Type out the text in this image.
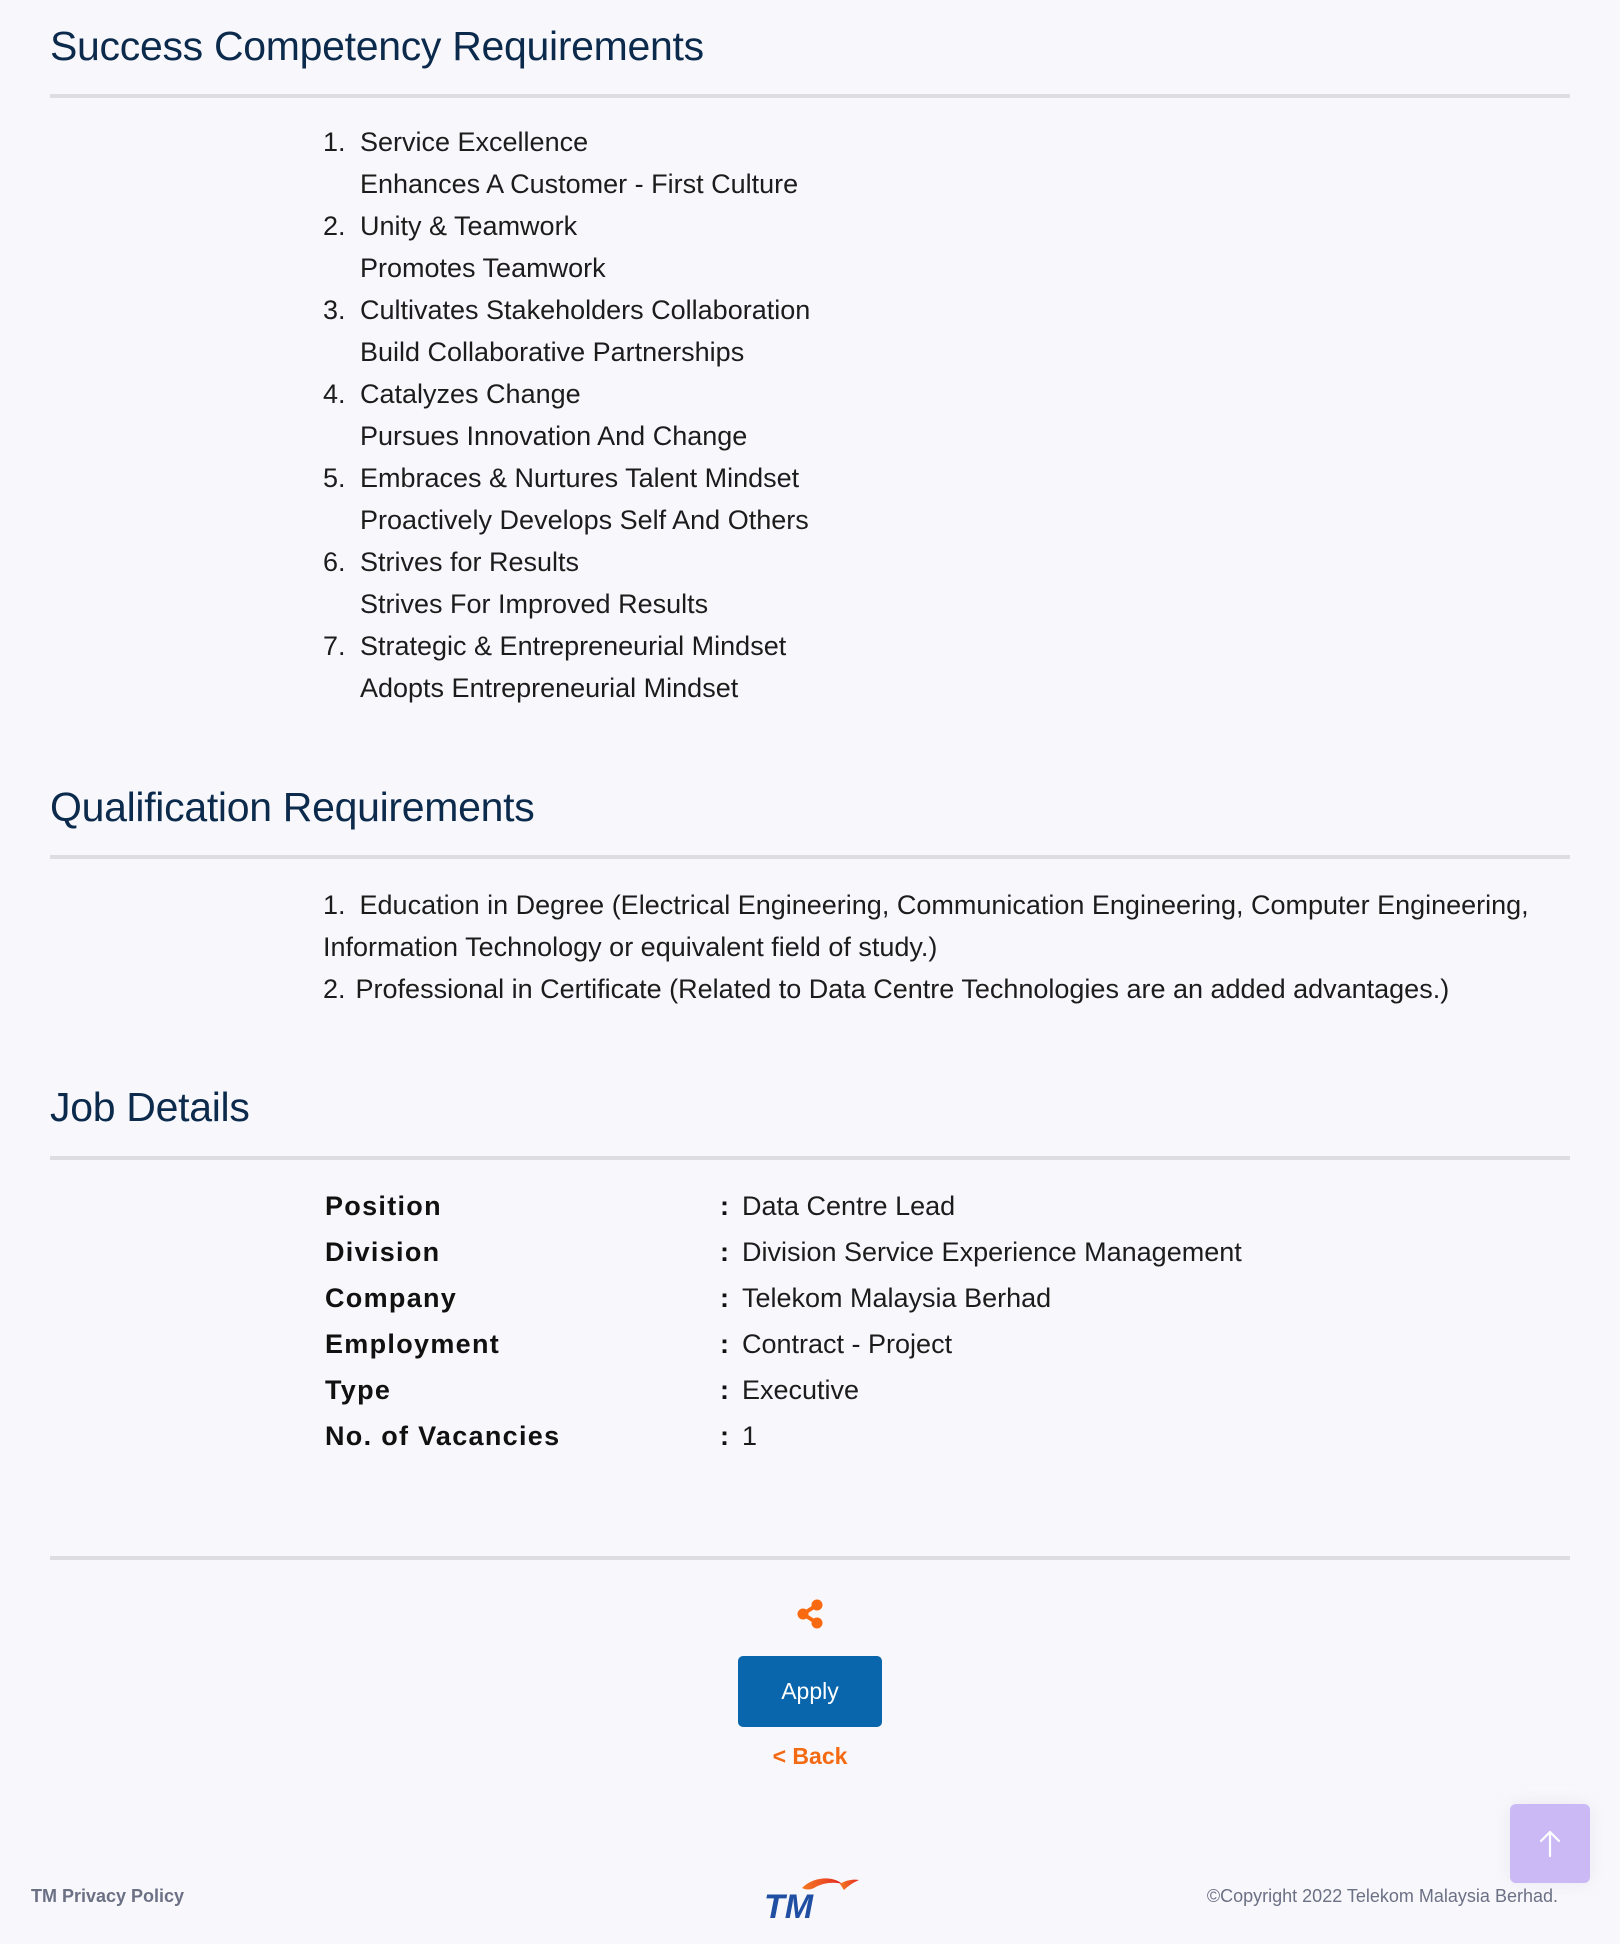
Success Competency Requirements
1. Service Excellence
Enhances A Customer - First Culture
2. Unity & Teamwork
Promotes Teamwork
3. Cultivates Stakeholders Collaboration
Build Collaborative Partnerships
4. Catalyzes Change
Pursues Innovation And Change
5. Embraces & Nurtures Talent Mindset
Proactively Develops Self And Others
6. Strives for Results
Strives For Improved Results
7. Strategic & Entrepreneurial Mindset
Adopts Entrepreneurial Mindset
Qualification Requirements

1. Education in Degree (Electrical Engineering, Communication Engineering, Computer Engineering, Information Technology or equivalent field of study.)

2. Professional in Certificate (Related to Data Centre Technologies are an added advantages.)

Job Details
Position	:	Data Centre Lead
Division	:	Division Service Experience Management
Company	:	Telekom Malaysia Berhad
Employment	:	Contract - Project
Type	:	Executive
No. of Vacancies	:	1
Apply
< Back
TM Privacy Policy	TM	©Copyright 2022 Telekom Malaysia Berhad.
